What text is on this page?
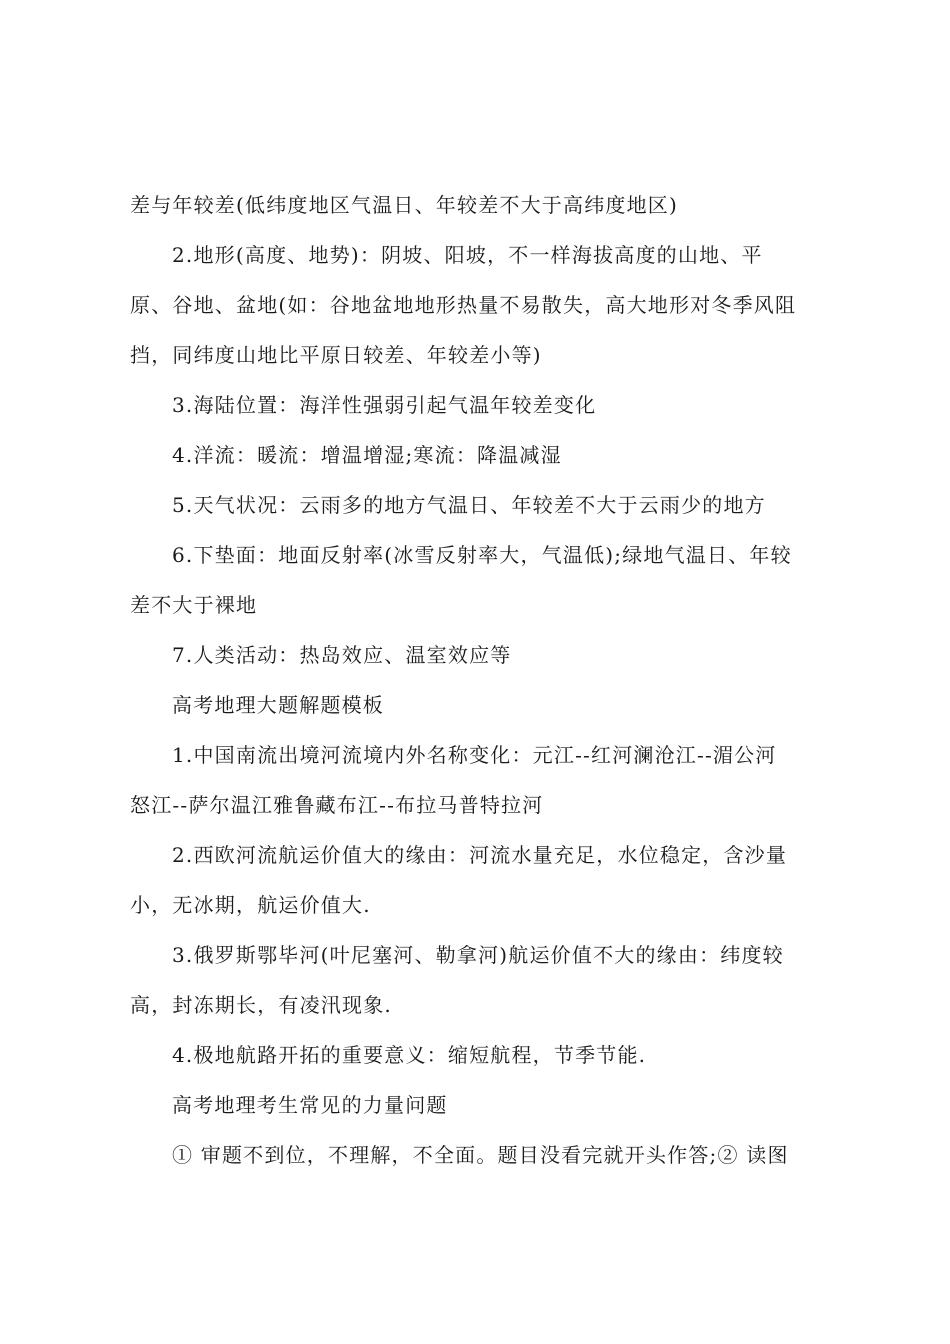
差与年较差(低纬度地区气温日、年较差不大于高纬度地区)
2.地形(高度、地势)：阴坡、阳坡，不一样海拔高度的山地、平
原、谷地、盆地(如：谷地盆地地形热量不易散失，高大地形对冬季风阻
挡，同纬度山地比平原日较差、年较差小等)
3.海陆位置：海洋性强弱引起气温年较差变化
4.洋流：暖流：增温增湿;寒流：降温减湿
5.天气状况：云雨多的地方气温日、年较差不大于云雨少的地方
6.下垫面：地面反射率(冰雪反射率大，气温低);绿地气温日、年较
差不大于裸地
7.人类活动：热岛效应、温室效应等
高考地理大题解题模板
1.中国南流出境河流境内外名称变化：元江--红河澜沧江--湄公河
怒江--萨尔温江雅鲁藏布江--布拉马普特拉河
2.西欧河流航运价值大的缘由：河流水量充足，水位稳定，含沙量
小，无冰期，航运价值大.
3.俄罗斯鄂毕河(叶尼塞河、勒拿河)航运价值不大的缘由：纬度较
高，封冻期长，有凌汛现象.
4.极地航路开拓的重要意义：缩短航程，节季节能.
高考地理考生常见的力量问题
① 审题不到位，不理解，不全面。题目没看完就开头作答;② 读图
